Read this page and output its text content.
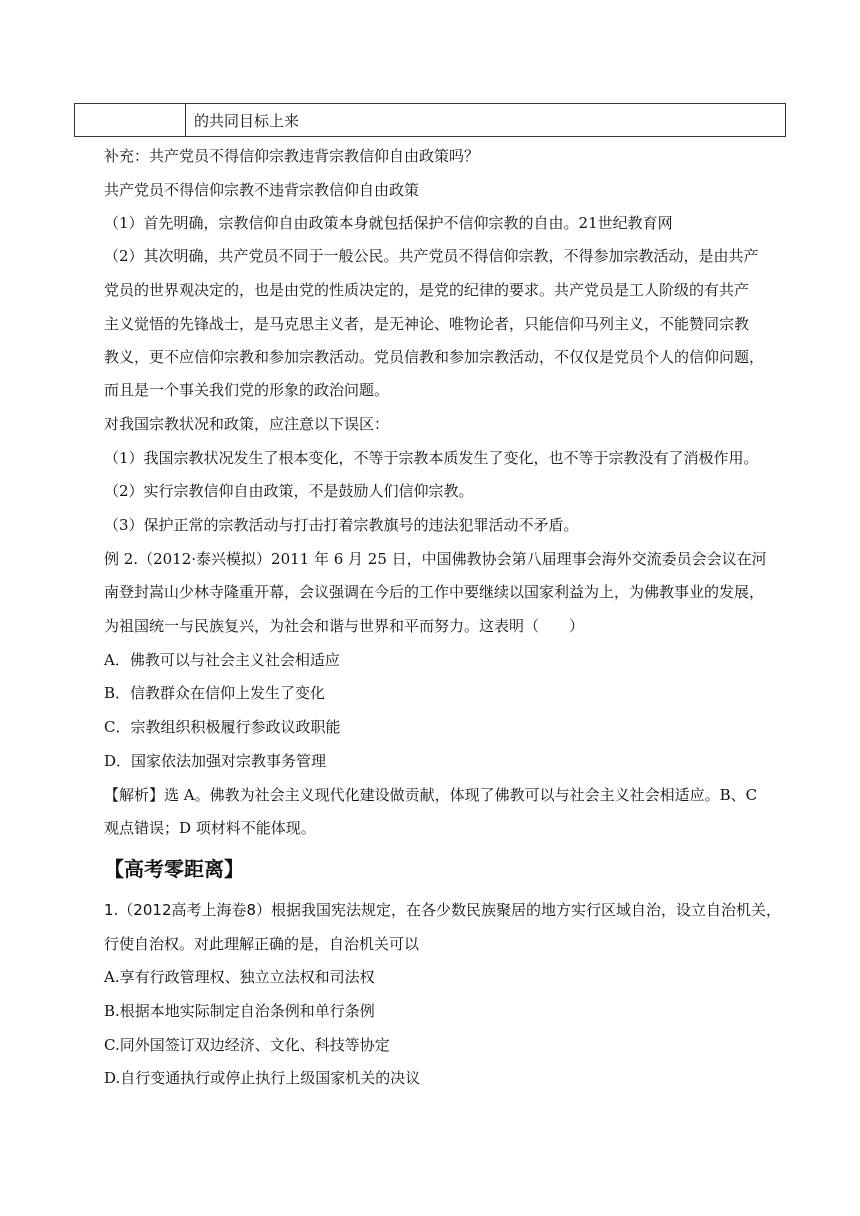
	的共同目标上来
补充：共产党员不得信仰宗教违背宗教信仰自由政策吗？
共产党员不得信仰宗教不违背宗教信仰自由政策
（1）首先明确，宗教信仰自由政策本身就包括保护不信仰宗教的自由。21世纪教育网
（2）其次明确，共产党员不同于一般公民。共产党员不得信仰宗教，不得参加宗教活动，是由共产
党员的世界观决定的，也是由党的性质决定的，是党的纪律的要求。共产党员是工人阶级的有共产
主义觉悟的先锋战士，是马克思主义者，是无神论、唯物论者，只能信仰马列主义，不能赞同宗教
教义，更不应信仰宗教和参加宗教活动。党员信教和参加宗教活动，不仅仅是党员个人的信仰问题，
而且是一个事关我们党的形象的政治问题。
对我国宗教状况和政策，应注意以下误区：
（1）我国宗教状况发生了根本变化，不等于宗教本质发生了变化，也不等于宗教没有了消极作用。
（2）实行宗教信仰自由政策，不是鼓励人们信仰宗教。
（3）保护正常的宗教活动与打击打着宗教旗号的违法犯罪活动不矛盾。
例 2.（2012·泰兴模拟）2011 年 6 月 25 日，中国佛教协会第八届理事会海外交流委员会会议在河
南登封嵩山少林寺隆重开幕，会议强调在今后的工作中要继续以国家利益为上，为佛教事业的发展，
为祖国统一与民族复兴，为社会和谐与世界和平而努力。这表明（　　）
A．佛教可以与社会主义社会相适应
B．信教群众在信仰上发生了变化
C．宗教组织积极履行参政议政职能
D．国家依法加强对宗教事务管理
【解析】选 A。佛教为社会主义现代化建设做贡献，体现了佛教可以与社会主义社会相适应。B、C
观点错误；D 项材料不能体现。
【高考零距离】
1.（2012高考上海卷8）根据我国宪法规定，在各少数民族聚居的地方实行区域自治，设立自治机关，
行使自治权。对此理解正确的是，自治机关可以
A.享有行政管理权、独立立法权和司法权
B.根据本地实际制定自治条例和单行条例
C.同外国签订双边经济、文化、科技等协定
D.自行变通执行或停止执行上级国家机关的决议
